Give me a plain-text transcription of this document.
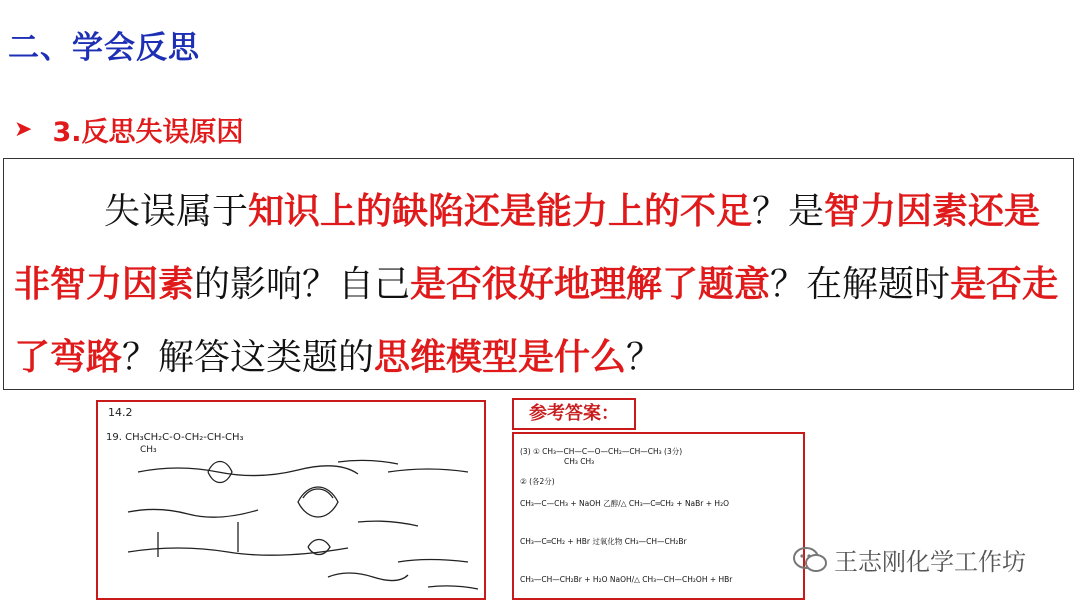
二、学会反思
➤ 3.反思失误原因
失误属于知识上的缺陷还是能力上的不足？是智力因素还是非智力因素的影响？自己是否很好地理解了题意？在解题时是否走了弯路？解答这类题的思维模型是什么？
14.2
19. CH₃CH₂C-O-CH₂-CH-CH₃
CH₃
参考答案：
(3) ① CH₃—CH—C—O—CH₂—CH—CH₃ (3分)
CH₃ CH₃
② (各2分)
CH₃—C—CH₃ + NaOH 乙醇/△ CH₃—C═CH₂ + NaBr + H₂O
CH₃—C═CH₂ + HBr 过氧化物 CH₃—CH—CH₂Br
CH₃—CH—CH₂Br + H₂O NaOH/△ CH₃—CH—CH₂OH + HBr
王志刚化学工作坊
